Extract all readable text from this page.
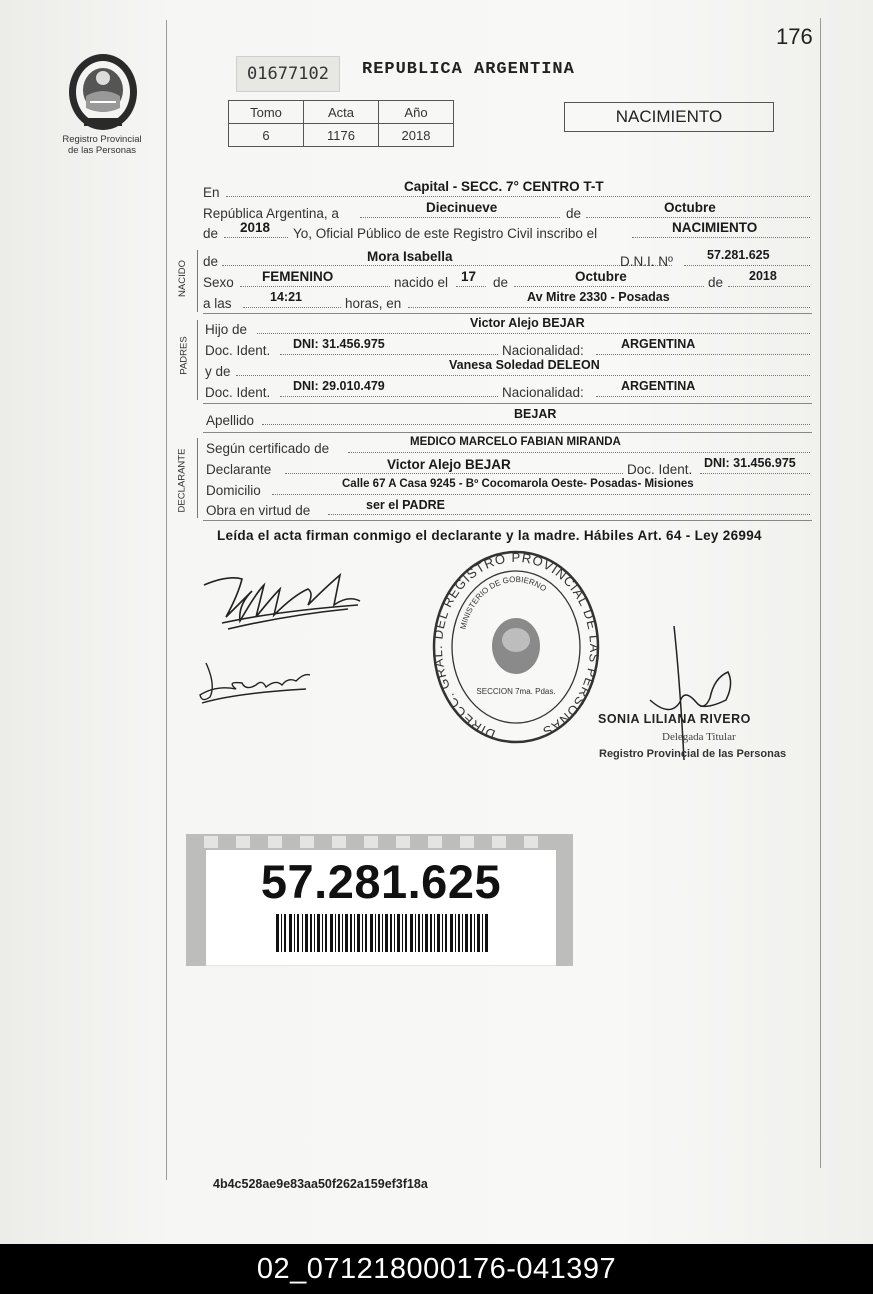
176
Registro Provincial
de las Personas
01677102	REPUBLICA ARGENTINA
Tomo	Acta	Año
6	1176	2018
NACIMIENTO
En	Capital - SECC. 7° CENTRO T-T
República Argentina, a	Diecinueve	de	Octubre
de 2018 Yo, Oficial Público de este Registro Civil inscribo el	NACIMIENTO
NACIDO de	Mora Isabella	D.N.I. Nº	57.281.625
Sexo FEMENINO	nacido el 17 de	Octubre	de 2018
a las	14:21	horas, en	Av Mitre 2330 - Posadas
PADRES
Hijo de	Victor Alejo BEJAR
Doc. Ident. DNI: 31.456.975	Nacionalidad:	ARGENTINA
y de	Vanesa Soledad DELEON
Doc. Ident. DNI: 29.010.479	Nacionalidad:	ARGENTINA
Apellido	BEJAR
DECLARANTE
Según certificado de	MEDICO MARCELO FABIAN MIRANDA
Declarante	Victor Alejo BEJAR	Doc. Ident. DNI: 31.456.975
Domicilio	Calle 67 A Casa 9245 - Bº Cocomarola Oeste- Posadas- Misiones
Obra en virtud de	ser el PADRE
Leída el acta firman conmigo el declarante y la madre. Hábiles Art. 64 - Ley 26994
DIRECC. GRAL. DEL REGISTRO PROVINCIAL DE LAS PERSONAS
MINISTERIO DE GOBIERNO
SECCION 7ma. Pdas.
SONIA LILIANA RIVERO
Delegada Titular
Registro Provincial de las Personas
57.281.625
4b4c528ae9e83aa50f262a159ef3f18a
02_071218000176-041397
